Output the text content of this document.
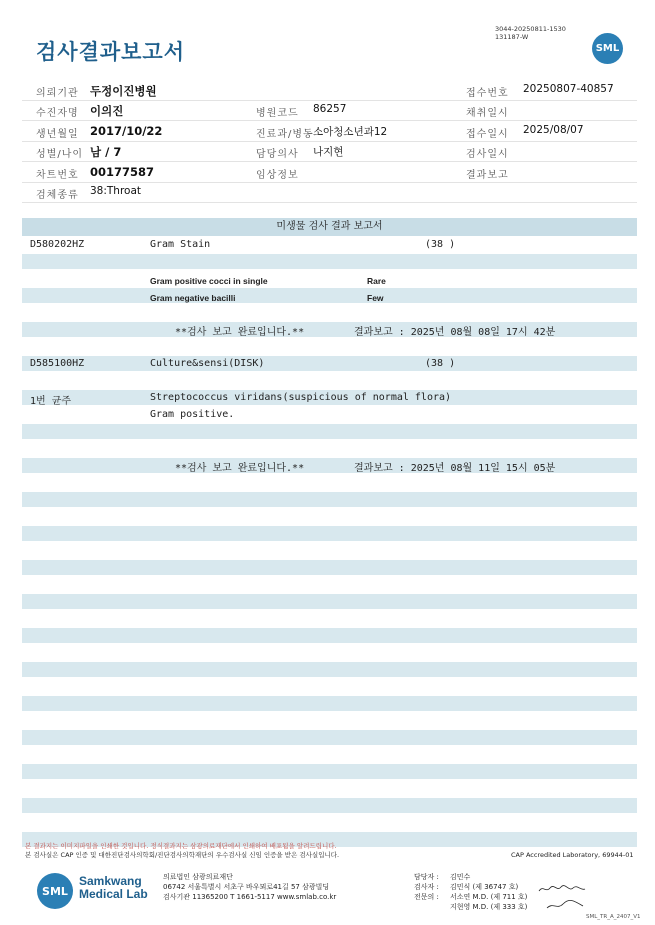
검사결과보고서
3044-20250811-1530
131187-W
SML
의뢰기관 두정이진병원	접수번호 20250807-40857
수진자명 이의진	병원코드 86257	채취일시
생년월일 2017/10/22	진료과/병동 소아청소년과12	접수일시 2025/08/07
성별/나이 남 / 7	담당의사 나지현	검사일시
차트번호 00177587	임상정보	결과보고
검체종류 38:Throat
미생물 검사 결과 보고서
D580202HZ	Gram Stain	(38 )
Gram positive cocci in single	Rare
Gram negative bacilli	Few
**검사 보고 완료입니다.**	결과보고 : 2025년 08월 08일 17시 42분
D585100HZ	Culture&sensi(DISK)	(38 )
1번 균주	Streptococcus viridans(suspicious of normal flora)
Gram positive.
**검사 보고 완료입니다.**	결과보고 : 2025년 08월 11일 15시 05분
본 결과지는 이미지파일을 인쇄한 것입니다. 정식결과지는 삼광의료재단에서 인쇄하여 배포됨을 알려드립니다.
본 검사실은 CAP 인증 및 대한진단검사의학회/진단검사의학재단의 우수검사실 신임 인증을 받은 검사실입니다.	CAP Accredited Laboratory, 69944-01
SML
Samkwang
Medical Lab
의료법인 삼광의료재단
06742 서울특별시 서초구 바우뫼로41길 57 삼광빌딩
검사기관 11365200 T 1661-5117 www.smlab.co.kr
담당자 : 김민수
검사자 : 김민식 (제 36747 호)
전문의 : 서소연 M.D. (제 711 호)
지현영 M.D. (제 333 호)
SML_TR_A_2407_V1
